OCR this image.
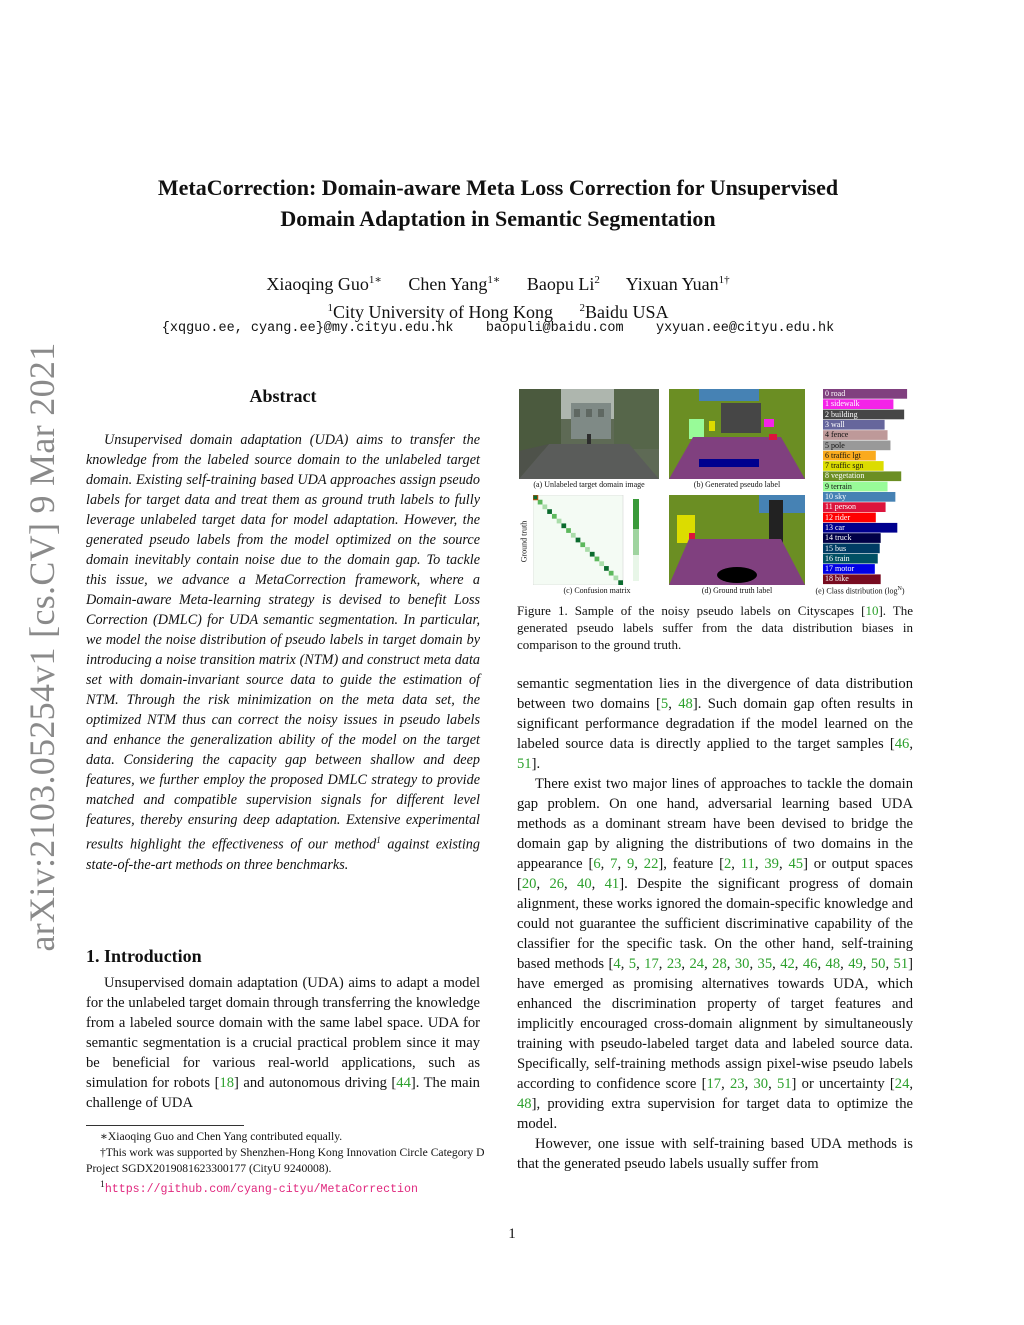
arXiv:2103.05254v1 [cs.CV] 9 Mar 2021
MetaCorrection: Domain-aware Meta Loss Correction for Unsupervised
Domain Adaptation in Semantic Segmentation
Xiaoqing Guo$^{1∗}$ Chen Yang$^{1∗}$ Baopu Li$^2$ Yixuan Yuan$^{1\dagger}$
$^1$City University of Hong Kong $^2$Baidu USA
{xqguo.ee, cyang.ee}@my.cityu.edu.hk    baopuli@baidu.com    yxyuan.ee@cityu.edu.hk
Abstract

Unsupervised domain adaptation (UDA) aims to transfer the knowledge from the labeled source domain to the unlabeled target domain. Existing self-training based UDA approaches assign pseudo labels for target data and treat them as ground truth labels to fully leverage unlabeled target data for model adaptation. However, the generated pseudo labels from the model optimized on the source domain inevitably contain noise due to the domain gap. To tackle this issue, we advance a MetaCorrection framework, where a Domain-aware Meta-learning strategy is devised to benefit Loss Correction (DMLC) for UDA semantic segmentation. In particular, we model the noise distribution of pseudo labels in target domain by introducing a noise transition matrix (NTM) and construct meta data set with domain-invariant source data to guide the estimation of NTM. Through the risk minimization on the meta data set, the optimized NTM thus can correct the noisy issues in pseudo labels and enhance the generalization ability of the model on the target data. Considering the capacity gap between shallow and deep features, we further employ the proposed DMLC strategy to provide matched and compatible supervision signals for different level features, thereby ensuring deep adaptation. Extensive experimental results highlight the effectiveness of our method$^1$ against existing state-of-the-art methods on three benchmarks.

1. Introduction

Unsupervised domain adaptation (UDA) aims to adapt a model for the unlabeled target domain through transferring the knowledge from a labeled source domain with the same label space. UDA for semantic segmentation is a crucial practical problem since it may be beneficial for various real-world applications, such as simulation for robots [18] and autonomous driving [44]. The main challenge of UDA

∗Xiaoqing Guo and Chen Yang contributed equally.

†This work was supported by Shenzhen-Hong Kong Innovation Circle Category D Project SGDX2019081623300177 (CityU 9240008).

$^1$https://github.com/cyang-cityu/MetaCorrection

(a) Unlabeled target domain image	(b) Generated pseudo label
Ground truth
(c) Confusion matrix	(d) Ground truth label
0 road
1 sidewalk
2 building
3 wall
4 fence
5 pole
6 traffic lgt
7 traffic sgn
8 vegetation
9 terrain
10 sky
11 person
12 rider
13 car
14 truck
15 bus
16 train
17 motor
18 bike
(e) Class distribution $(\log^N)$
Figure 1. Sample of the noisy pseudo labels on Cityscapes [10]. The generated pseudo labels suffer from the data distribution biases in comparison to the ground truth.

semantic segmentation lies in the divergence of data distribution between two domains [5, 48]. Such domain gap often results in significant performance degradation if the model learned on the labeled source data is directly applied to the target samples [46, 51].

There exist two major lines of approaches to tackle the domain gap problem. On one hand, adversarial learning based UDA methods as a dominant stream have been devised to bridge the domain gap by aligning the distributions of two domains in the appearance [6, 7, 9, 22], feature [2, 11, 39, 45] or output spaces [20, 26, 40, 41]. Despite the significant progress of domain alignment, these works ignored the domain-specific knowledge and could not guarantee the sufficient discriminative capability of the classifier for the specific task. On the other hand, self-training based methods [4, 5, 17, 23, 24, 28, 30, 35, 42, 46, 48, 49, 50, 51] have emerged as promising alternatives towards UDA, which enhanced the discrimination property of target features and implicitly encouraged cross-domain alignment by simultaneously training with pseudo-labeled target data and labeled source data. Specifically, self-training methods assign pixel-wise pseudo labels according to confidence score [17, 23, 30, 51] or uncertainty [24, 48], providing extra supervision for target data to optimize the model.

However, one issue with self-training based UDA methods is that the generated pseudo labels usually suffer from

1
